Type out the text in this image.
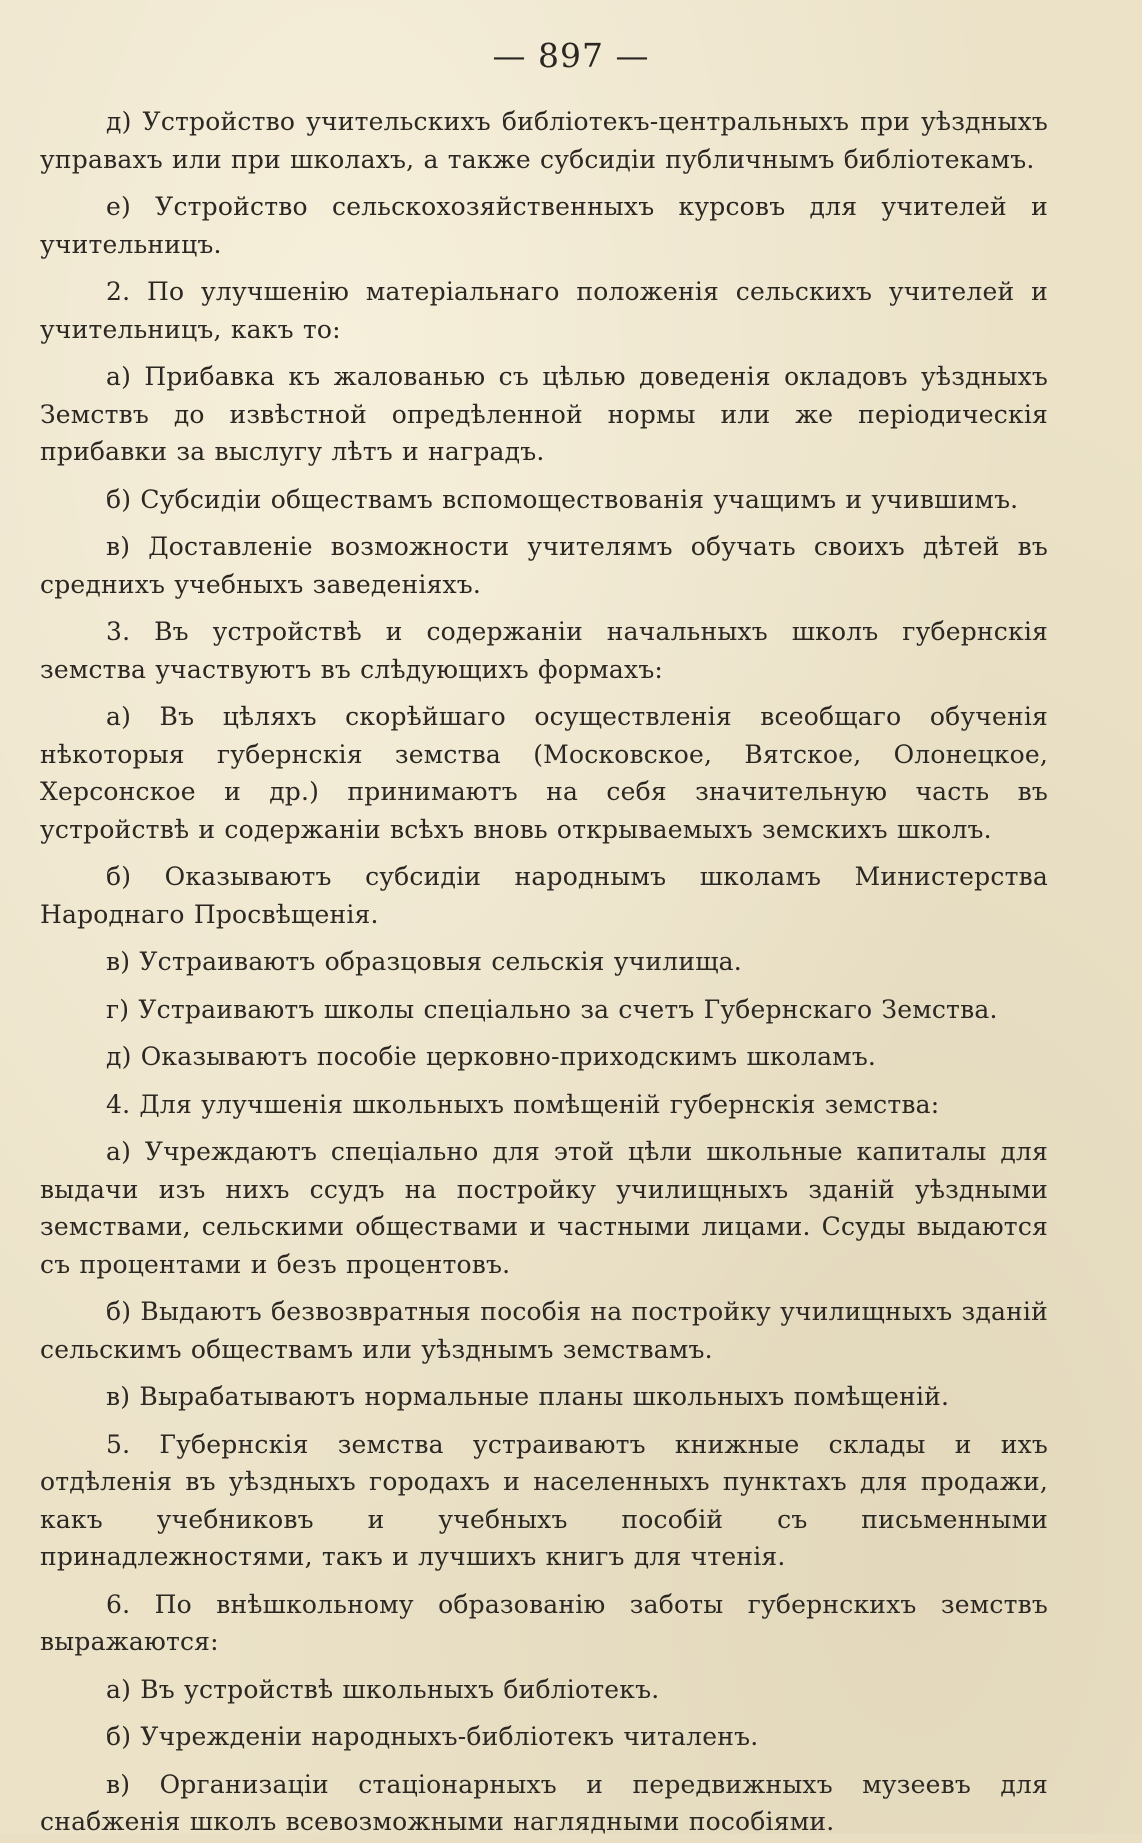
— 897 —

д) Устройство учительскихъ библіотекъ-центральныхъ при уѣздныхъ управахъ или при школахъ, а также субсидіи публичнымъ библіотекамъ.

е) Устройство сельскохозяйственныхъ курсовъ для учителей и учительницъ.

2. По улучшенію матеріальнаго положенія сельскихъ учителей и учительницъ, какъ то:

а) Прибавка къ жалованью съ цѣлью доведенія окладовъ уѣздныхъ Земствъ до извѣстной опредѣленной нормы или же періодическія прибавки за выслугу лѣтъ и наградъ.

б) Субсидіи обществамъ вспомоществованія учащимъ и учившимъ.

в) Доставленіе возможности учителямъ обучать своихъ дѣтей въ среднихъ учебныхъ заведеніяхъ.

3. Въ устройствѣ и содержаніи начальныхъ школъ губернскія земства участвуютъ въ слѣдующихъ формахъ:

а) Въ цѣляхъ скорѣйшаго осуществленія всеобщаго обученія нѣкоторыя губернскія земства (Московское, Вятское, Олонецкое, Херсонское и др.) принимаютъ на себя значительную часть въ устройствѣ и содержаніи всѣхъ вновь открываемыхъ земскихъ школъ.

б) Оказываютъ субсидіи народнымъ школамъ Министерства Народнаго Просвѣщенія.

в) Устраиваютъ образцовыя сельскія училища.

г) Устраиваютъ школы спеціально за счетъ Губернскаго Земства.

д) Оказываютъ пособіе церковно-приходскимъ школамъ.

4. Для улучшенія школьныхъ помѣщеній губернскія земства:

а) Учреждаютъ спеціально для этой цѣли школьные капиталы для выдачи изъ нихъ ссудъ на постройку училищныхъ зданій уѣздными земствами, сельскими обществами и частными лицами. Ссуды выдаются съ процентами и безъ процентовъ.

б) Выдаютъ безвозвратныя пособія на постройку училищныхъ зданій сельскимъ обществамъ или уѣзднымъ земствамъ.

в) Вырабатываютъ нормальные планы школьныхъ помѣщеній.

5. Губернскія земства устраиваютъ книжные склады и ихъ отдѣленія въ уѣздныхъ городахъ и населенныхъ пунктахъ для продажи, какъ учебниковъ и учебныхъ пособій съ письменными принадлежностями, такъ и лучшихъ книгъ для чтенія.

6. По внѣшкольному образованію заботы губернскихъ земствъ выражаются:

а) Въ устройствѣ школьныхъ библіотекъ.

б) Учрежденіи народныхъ-библіотекъ читаленъ.

в) Организаціи стаціонарныхъ и передвижныхъ музеевъ для снабженія школъ всевозможными наглядными пособіями.
